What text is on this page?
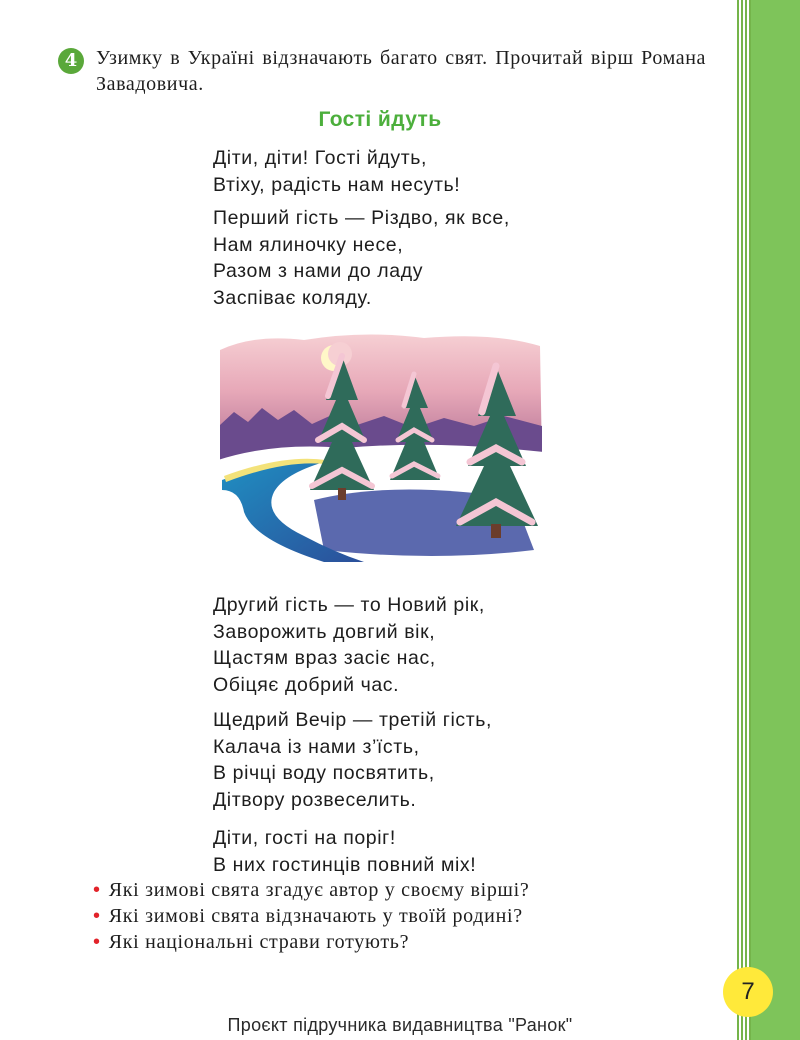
4 Узимку в Україні відзначають багато свят. Прочитай вірш Романа Завадовича.

Гості йдуть
Діти, діти! Гості йдуть,
Втіху, радість нам несуть!
Перший гість — Різдво, як все,
Нам ялиночку несе,
Разом з нами до ладу
Заспіває коляду.
Другий гість — то Новий рік,
Заворожить довгий вік,
Щастям враз засіє нас,
Обіцяє добрий час.
Щедрий Вечір — третій гість,
Калача із нами з’їсть,
В річці воду посвятить,
Дітвору розвеселить.
Діти, гості на поріг!
В них гостинців повний міх!
• Які зимові свята згадує автор у своєму вірші?
• Які зимові свята відзначають у твоїй родині?
• Які національні страви готують?
7

Проєкт підручника видавництва "Ранок"
